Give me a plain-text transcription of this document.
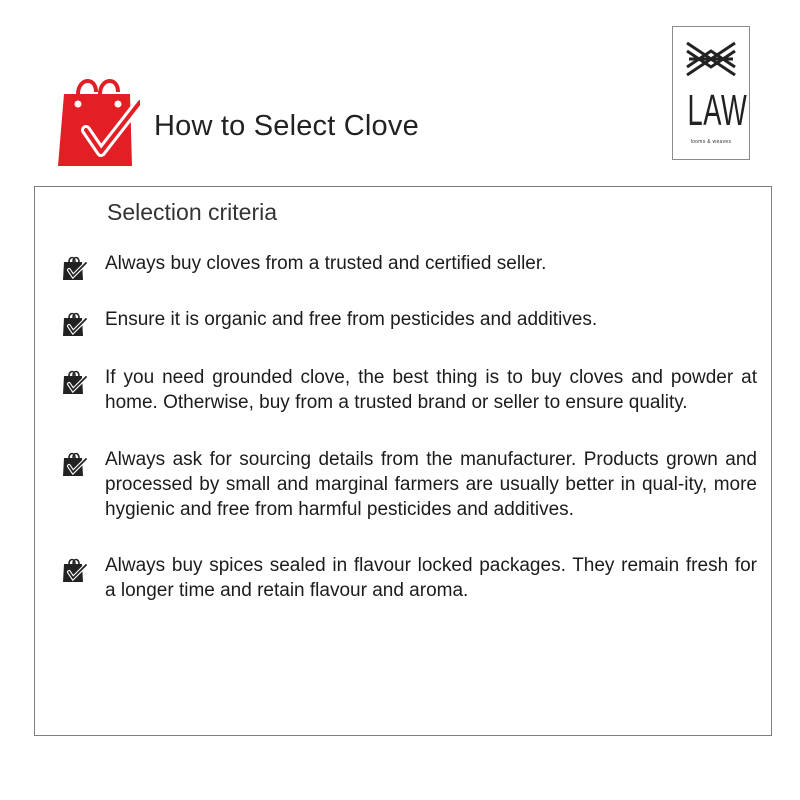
How to Select Clove	LAW
looms & weaves
Selection criteria

Always buy cloves from a trusted and certified seller.

Ensure it is organic and free from pesticides and additives.

If you need grounded clove, the best thing is to buy cloves and powder at home. Otherwise, buy from a trusted brand or seller to ensure quality.

Always ask for sourcing details from the manufacturer. Products grown and processed by small and marginal farmers are usually better in qual-ity, more hygienic and free from harmful pesticides and additives.

Always buy spices sealed in flavour locked packages. They remain fresh for a longer time and retain flavour and aroma.
